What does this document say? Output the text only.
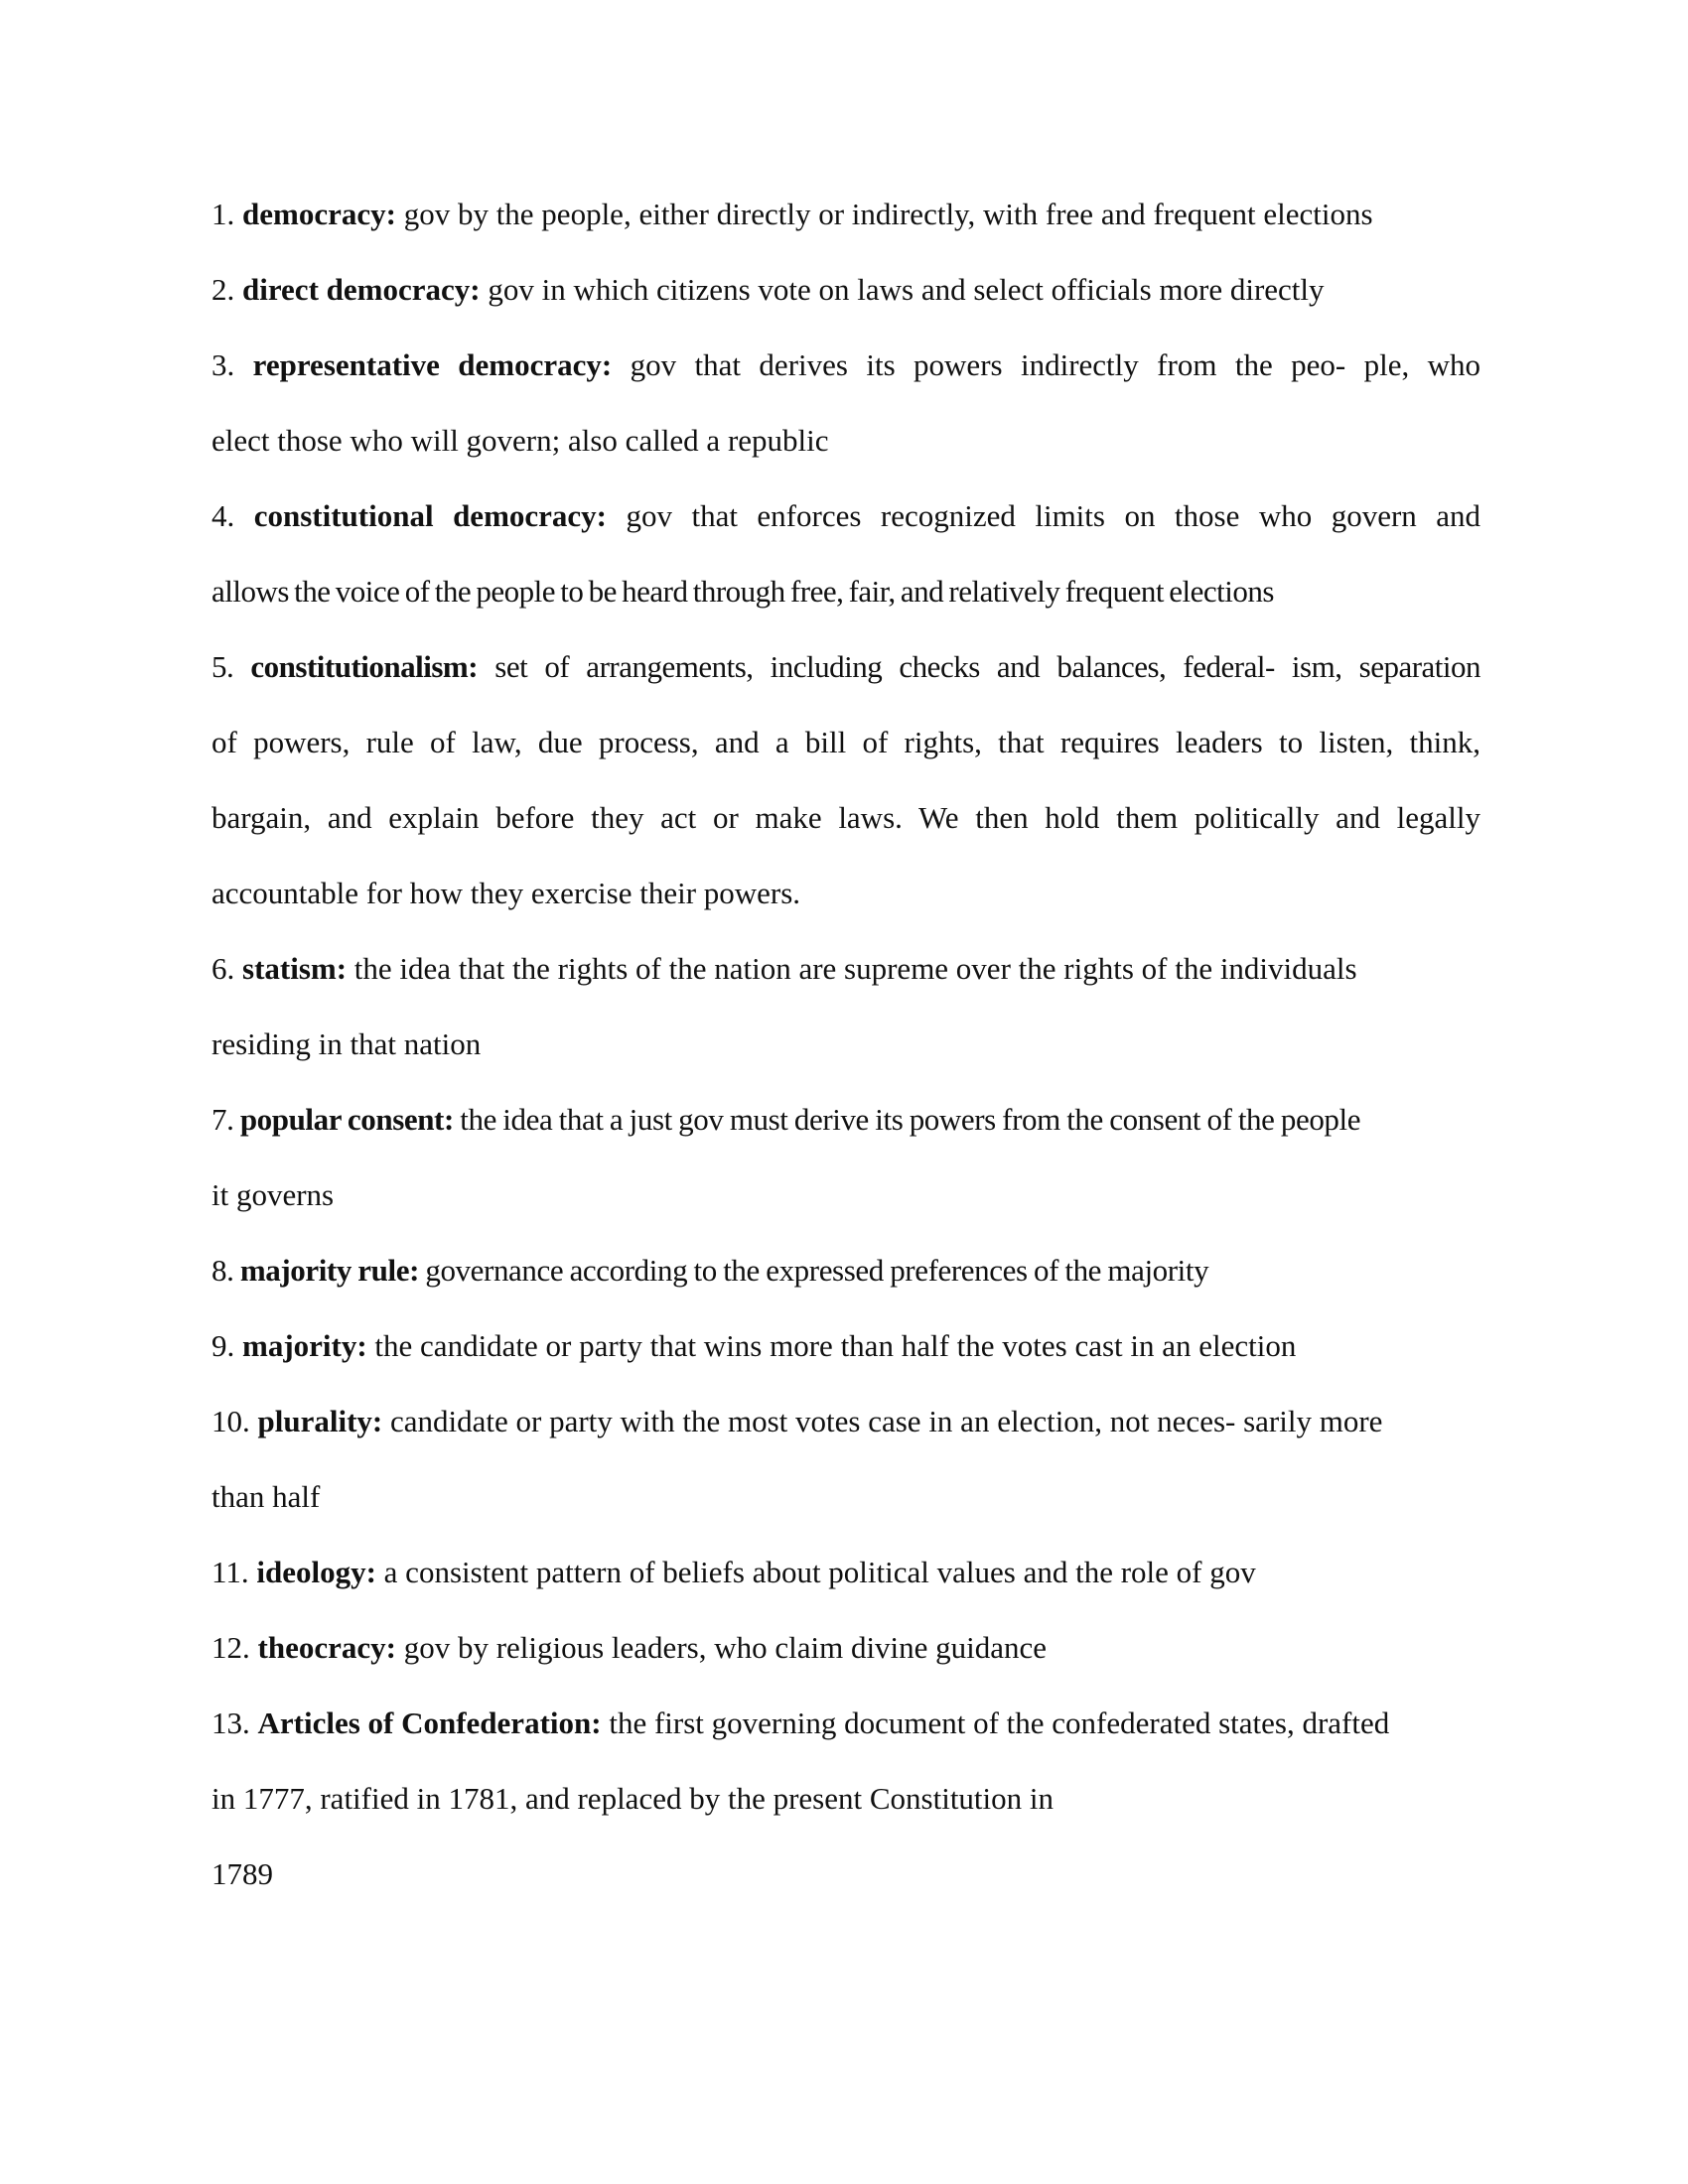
1. democracy: gov by the people, either directly or indirectly, with free and frequent elections
2. direct democracy: gov in which citizens vote on laws and select officials more directly
3. representative democracy: gov that derives its powers indirectly from the peo- ple, who
elect those who will govern; also called a republic
4. constitutional democracy: gov that enforces recognized limits on those who govern and
allows the voice of the people to be heard through free, fair, and relatively frequent elections
5. constitutionalism: set of arrangements, including checks and balances, federal- ism, separation
of powers, rule of law, due process, and a bill of rights, that requires leaders to listen, think,
bargain, and explain before they act or make laws. We then hold them politically and legally
accountable for how they exercise their powers.
6. statism: the idea that the rights of the nation are supreme over the rights of the individuals
residing in that nation
7. popular consent: the idea that a just gov must derive its powers from the consent of the people
it governs
8. majority rule: governance according to the expressed preferences of the majority
9. majority: the candidate or party that wins more than half the votes cast in an election
10. plurality: candidate or party with the most votes case in an election, not neces- sarily more
than half
11. ideology: a consistent pattern of beliefs about political values and the role of gov
12. theocracy: gov by religious leaders, who claim divine guidance
13. Articles of Confederation: the first governing document of the confederated states, drafted
in 1777, ratified in 1781, and replaced by the present Constitution in
1789
